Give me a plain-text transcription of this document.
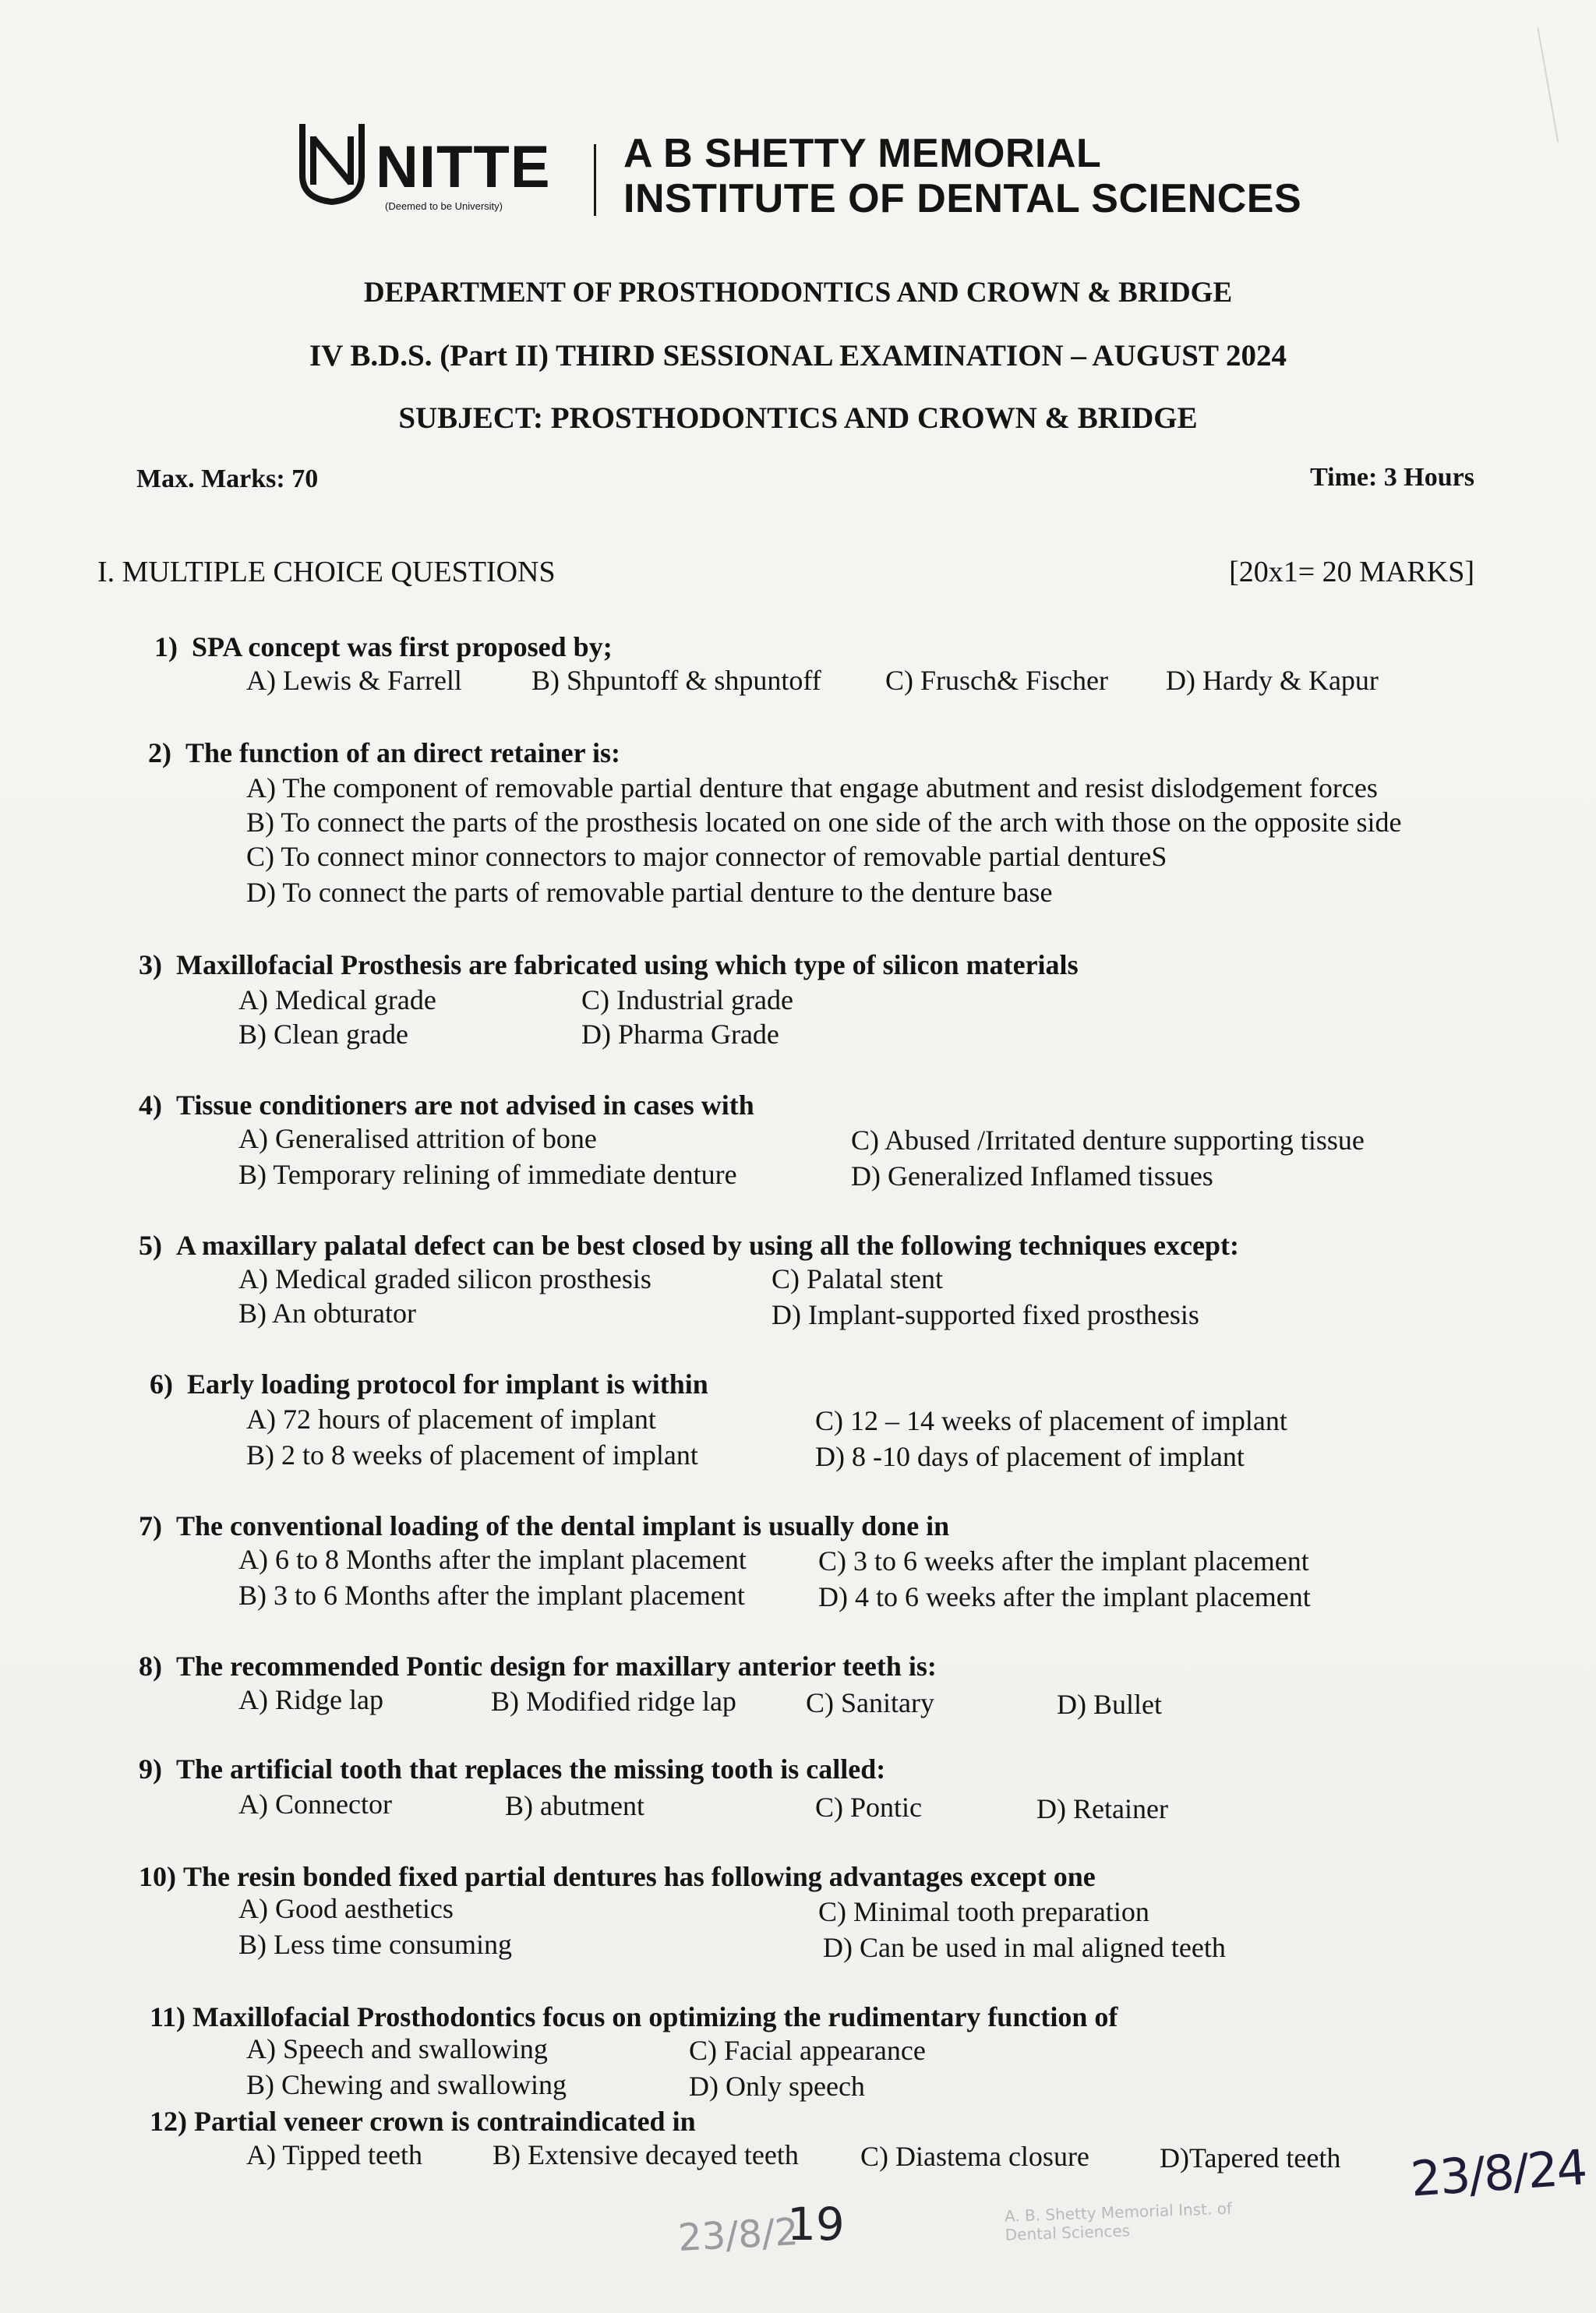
NITTE
(Deemed to be University)
A B SHETTY MEMORIAL
INSTITUTE OF DENTAL SCIENCES
DEPARTMENT OF PROSTHODONTICS AND CROWN & BRIDGE
IV B.D.S. (Part II) THIRD SESSIONAL EXAMINATION – AUGUST 2024
SUBJECT: PROSTHODONTICS AND CROWN & BRIDGE
Max. Marks: 70	Time: 3 Hours
I. MULTIPLE CHOICE QUESTIONS	[20x1= 20 MARKS]
1) SPA concept was first proposed by;
A) Lewis & Farrell B) Shpuntoff & shpuntoff C) Frusch& Fischer D) Hardy & Kapur
2) The function of an direct retainer is:
A) The component of removable partial denture that engage abutment and resist dislodgement forces
B) To connect the parts of the prosthesis located on one side of the arch with those on the opposite side
C) To connect minor connectors to major connector of removable partial dentureS
D) To connect the parts of removable partial denture to the denture base
3) Maxillofacial Prosthesis are fabricated using which type of silicon materials
A) Medical grade	C) Industrial grade
B) Clean grade	D) Pharma Grade
4) Tissue conditioners are not advised in cases with
A) Generalised attrition of bone	C) Abused /Irritated denture supporting tissue
B) Temporary relining of immediate denture	D) Generalized Inflamed tissues
5) A maxillary palatal defect can be best closed by using all the following techniques except:
A) Medical graded silicon prosthesis	C) Palatal stent
B) An obturator	D) Implant-supported fixed prosthesis
6) Early loading protocol for implant is within
A) 72 hours of placement of implant	C) 12 – 14 weeks of placement of implant
B) 2 to 8 weeks of placement of implant	D) 8 -10 days of placement of implant
7) The conventional loading of the dental implant is usually done in
A) 6 to 8 Months after the implant placement	C) 3 to 6 weeks after the implant placement
B) 3 to 6 Months after the implant placement	D) 4 to 6 weeks after the implant placement
8) The recommended Pontic design for maxillary anterior teeth is:
A) Ridge lap	B) Modified ridge lap C) Sanitary	D) Bullet
9) The artificial tooth that replaces the missing tooth is called:
A) Connector	B) abutment	C) Pontic	D) Retainer
10) The resin bonded fixed partial dentures has following advantages except one
A) Good aesthetics	C) Minimal tooth preparation
B) Less time consuming	D) Can be used in mal aligned teeth
11) Maxillofacial Prosthodontics focus on optimizing the rudimentary function of
A) Speech and swallowing	C) Facial appearance
B) Chewing and swallowing	D) Only speech
12) Partial veneer crown is contraindicated in
A) Tipped teeth B) Extensive decayed teeth C) Diastema closure	D)Tapered teeth
23/8/2
19	A. B. Shetty Memorial Inst. of Dental Sciences
23/8/24
